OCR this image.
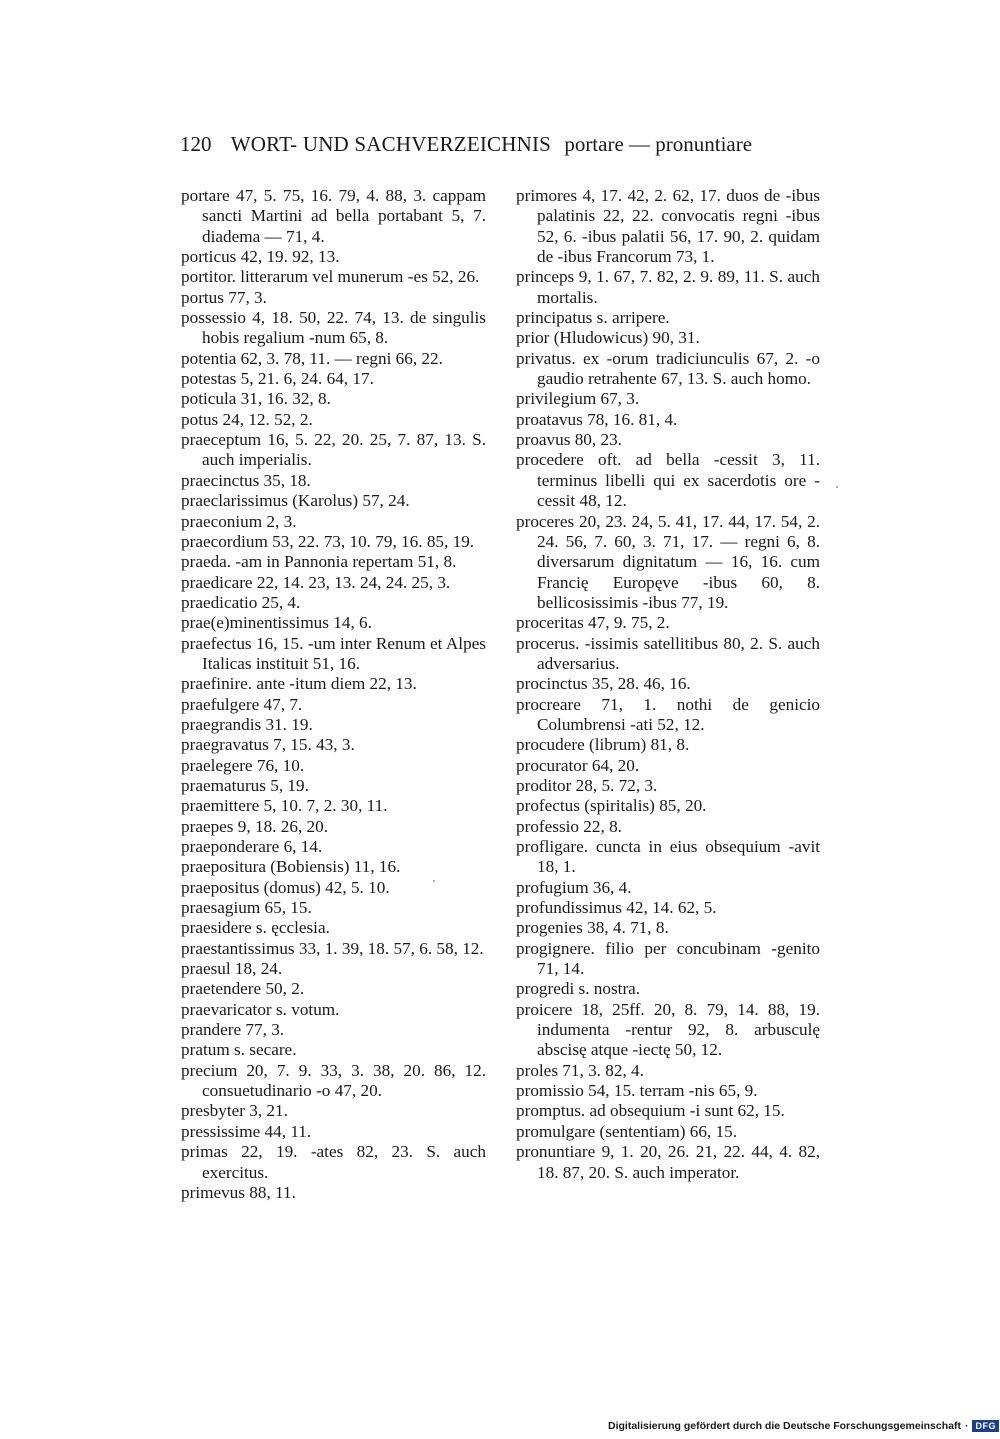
120 WORT- UND SACHVERZEICHNIS portare — pronuntiare

portare 47, 5. 75, 16. 79, 4. 88, 3. cappam sancti Martini ad bella portabant 5, 7. diadema — 71, 4.

porticus 42, 19. 92, 13.

portitor. litterarum vel munerum -es 52, 26.

portus 77, 3.

possessio 4, 18. 50, 22. 74, 13. de singulis hobis regalium -num 65, 8.

potentia 62, 3. 78, 11. — regni 66, 22.

potestas 5, 21. 6, 24. 64, 17.

poticula 31, 16. 32, 8.

potus 24, 12. 52, 2.

praeceptum 16, 5. 22, 20. 25, 7. 87, 13. S. auch imperialis.

praecinctus 35, 18.

praeclarissimus (Karolus) 57, 24.

praeconium 2, 3.

praecordium 53, 22. 73, 10. 79, 16. 85, 19.

praeda. -am in Pannonia repertam 51, 8.

praedicare 22, 14. 23, 13. 24, 24. 25, 3.

praedicatio 25, 4.

prae(e)minentissimus 14, 6.

praefectus 16, 15. -um inter Renum et Alpes Italicas instituit 51, 16.

praefinire. ante -itum diem 22, 13.

praefulgere 47, 7.

praegrandis 31. 19.

praegravatus 7, 15. 43, 3.

praelegere 76, 10.

praematurus 5, 19.

praemittere 5, 10. 7, 2. 30, 11.

praepes 9, 18. 26, 20.

praeponderare 6, 14.

praepositura (Bobiensis) 11, 16.

praepositus (domus) 42, 5. 10.

praesagium 65, 15.

praesidere s. ęcclesia.

praestantissimus 33, 1. 39, 18. 57, 6. 58, 12.

praesul 18, 24.

praetendere 50, 2.

praevaricator s. votum.

prandere 77, 3.

pratum s. secare.

precium 20, 7. 9. 33, 3. 38, 20. 86, 12. consuetudinario -o 47, 20.

presbyter 3, 21.

pressissime 44, 11.

primas 22, 19. -ates 82, 23. S. auch exercitus.

primevus 88, 11.

primores 4, 17. 42, 2. 62, 17. duos de -ibus palatinis 22, 22. convocatis regni -ibus 52, 6. -ibus palatii 56, 17. 90, 2. quidam de -ibus Francorum 73, 1.

princeps 9, 1. 67, 7. 82, 2. 9. 89, 11. S. auch mortalis.

principatus s. arripere.

prior (Hludowicus) 90, 31.

privatus. ex -orum tradiciunculis 67, 2. -o gaudio retrahente 67, 13. S. auch homo.

privilegium 67, 3.

proatavus 78, 16. 81, 4.

proavus 80, 23.

procedere oft. ad bella -cessit 3, 11. terminus libelli qui ex sacerdotis ore -cessit 48, 12.

proceres 20, 23. 24, 5. 41, 17. 44, 17. 54, 2. 24. 56, 7. 60, 3. 71, 17. — regni 6, 8. diversarum dignitatum — 16, 16. cum Francię Europęve -ibus 60, 8. bellicosissimis -ibus 77, 19.

proceritas 47, 9. 75, 2.

procerus. -issimis satellitibus 80, 2. S. auch adversarius.

procinctus 35, 28. 46, 16.

procreare 71, 1. nothi de genicio Columbrensi -ati 52, 12.

procudere (librum) 81, 8.

procurator 64, 20.

proditor 28, 5. 72, 3.

profectus (spiritalis) 85, 20.

professio 22, 8.

profligare. cuncta in eius obsequium -avit 18, 1.

profugium 36, 4.

profundissimus 42, 14. 62, 5.

progenies 38, 4. 71, 8.

progignere. filio per concubinam -genito 71, 14.

progredi s. nostra.

proicere 18, 25ff. 20, 8. 79, 14. 88, 19. indumenta -rentur 92, 8. arbusculę abscisę atque -iectę 50, 12.

proles 71, 3. 82, 4.

promissio 54, 15. terram -nis 65, 9.

promptus. ad obsequium -i sunt 62, 15.

promulgare (sententiam) 66, 15.

pronuntiare 9, 1. 20, 26. 21, 22. 44, 4. 82, 18. 87, 20. S. auch imperator.

Digitalisierung gefördert durch die Deutsche Forschungsgemeinschaft · DFG
